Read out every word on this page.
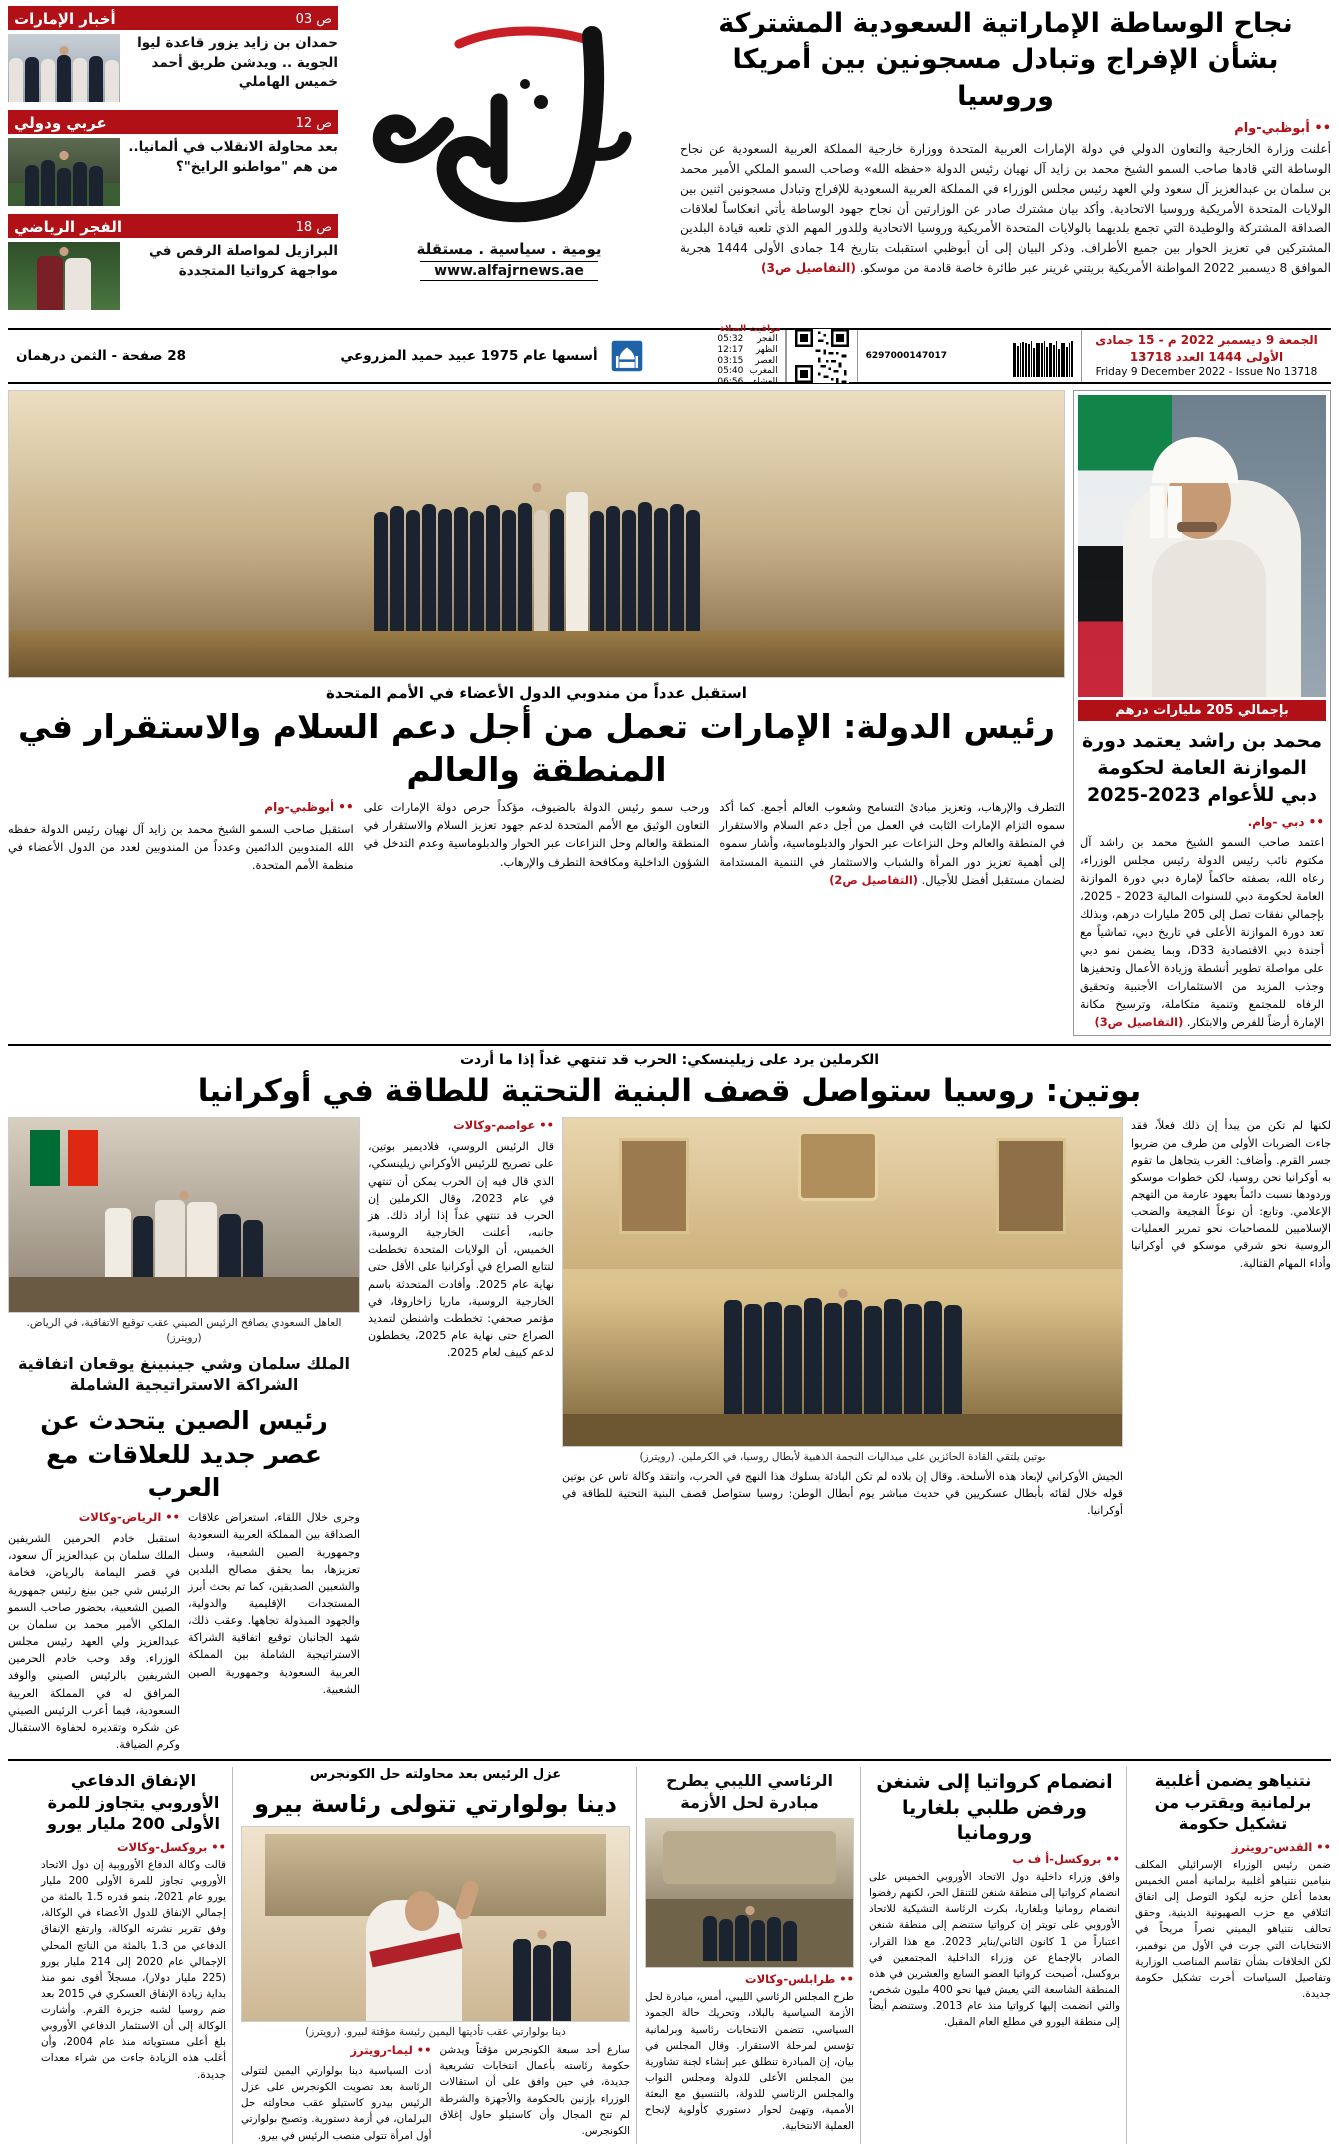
نجاح الوساطة الإماراتية السعودية المشتركة بشأن الإفراج وتبادل مسجونين بين أمريكا وروسيا
•• أبوظبي-وام
أعلنت وزارة الخارجية والتعاون الدولي في دولة الإمارات العربية المتحدة ووزارة خارجية المملكة العربية السعودية عن نجاح الوساطة التي قادها صاحب السمو الشيخ محمد بن زايد آل نهيان رئيس الدولة «حفظه الله» وصاحب السمو الملكي الأمير محمد بن سلمان بن عبدالعزيز آل سعود ولي العهد رئيس مجلس الوزراء في المملكة العربية السعودية للإفراج وتبادل مسجونين اثنين بين الولايات المتحدة الأمريكية وروسيا الاتحادية. وأكد بيان مشترك صادر عن الوزارتين أن نجاح جهود الوساطة يأتي انعكاساً لعلاقات الصداقة المشتركة والوطيدة التي تجمع بلديهما بالولايات المتحدة الأمريكية وروسيا الاتحادية وللدور المهم الذي تلعبه قيادة البلدين المشتركين في تعزيز الحوار بين جميع الأطراف. وذكر البيان إلى أن أبوظبي استقبلت بتاريخ 14 جمادى الأولى 1444 هجرية الموافق 8 ديسمبر 2022 المواطنة الأمريكية بريتني غرينر عبر طائرة خاصة قادمة من موسكو. (التفاصيل ص3)
يومية . سياسية . مستقلة
www.alfajrnews.ae
ص 03
أخبار الإمارات
حمدان بن زايد يزور قاعدة ليوا الجوية .. ويدشن طريق أحمد خميس الهاملي
ص 12
عربي ودولي
بعد محاولة الانقلاب في ألمانيا.. من هم "مواطنو الرايخ"؟
ص 18
الفجر الرياضي
البرازيل لمواصلة الرقص في مواجهة كرواتيا المتجددة
الجمعة 9 ديسمبر 2022 م - 15 جمادى الأولى 1444 العدد 13718
Friday 9 December 2022 - Issue No 13718
6297000147017
مواقيت الصلاة
الفجر	05:32
الظهر	12:17
العصر	03:15
المغرب	05:40
العشاء	06:56
أسسها عام 1975 عبيد حميد المزروعي
28 صفحة - الثمن درهمان
استقبل عدداً من مندوبي الدول الأعضاء في الأمم المتحدة
رئيس الدولة: الإمارات تعمل من أجل دعم السلام والاستقرار في المنطقة والعالم
التطرف والإرهاب، وتعزيز مبادئ التسامح وشعوب العالم أجمع. كما أكد سموه التزام الإمارات الثابت في العمل من أجل دعم السلام والاستقرار في المنطقة والعالم وحل النزاعات عبر الحوار والدبلوماسية، وأشار سموه إلى أهمية تعزيز دور المرأة والشباب والاستثمار في التنمية المستدامة لضمان مستقبل أفضل للأجيال. (التفاصيل ص2)
ورحب سمو رئيس الدولة بالضيوف، مؤكداً حرص دولة الإمارات على التعاون الوثيق مع الأمم المتحدة لدعم جهود تعزيز السلام والاستقرار في المنطقة والعالم وحل النزاعات عبر الحوار والدبلوماسية وعدم التدخل في الشؤون الداخلية ومكافحة التطرف والإرهاب.
•• أبوظبي-وام
استقبل صاحب السمو الشيخ محمد بن زايد آل نهيان رئيس الدولة حفظه الله المندوبين الدائمين وعدداً من المندوبين لعدد من الدول الأعضاء في منظمة الأمم المتحدة.
بإجمالي 205 مليارات درهم
محمد بن راشد يعتمد دورة الموازنة العامة لحكومة دبي للأعوام 2023-2025
•• دبي -وام.
اعتمد صاحب السمو الشيخ محمد بن راشد آل مكتوم نائب رئيس الدولة رئيس مجلس الوزراء، رعاه الله، بصفته حاكماً لإمارة دبي دورة الموازنة العامة لحكومة دبي للسنوات المالية 2023 - 2025، بإجمالي نفقات تصل إلى 205 مليارات درهم، وبذلك تعد دورة الموازنة الأعلى في تاريخ دبي، تماشياً مع أجندة دبي الاقتصادية D33، وبما يضمن نمو دبي على مواصلة تطوير أنشطة وزيادة الأعمال وتحفيزها وجذب المزيد من الاستثمارات الأجنبية وتحقيق الرفاه للمجتمع وتنمية متكاملة، وترسيخ مكانة الإمارة أرضاً للفرص والابتكار. (التفاصيل ص3)
الكرملين يرد على زيلينسكي: الحرب قد تنتهي غداً إذا ما أردت
بوتين: روسيا ستواصل قصف البنية التحتية للطاقة في أوكرانيا
العاهل السعودي يصافح الرئيس الصيني عقب توقيع الاتفاقية، في الرياض. (رويترز)
الملك سلمان وشي جينبينغ يوقعان اتفاقية الشراكة الاستراتيجية الشاملة
رئيس الصين يتحدث عن عصر جديد للعلاقات مع العرب
وجرى خلال اللقاء، استعراض علاقات الصداقة بين المملكة العربية السعودية وجمهورية الصين الشعبية، وسبل تعزيزها، بما يحقق مصالح البلدين والشعبين الصديقين، كما تم بحث أبرز المستجدات الإقليمية والدولية، والجهود المبذولة تجاهها. وعقب ذلك، شهد الجانبان توقيع اتفاقية الشراكة الاستراتيجية الشاملة بين المملكة العربية السعودية وجمهورية الصين الشعبية.
•• الرياض-وكالات
استقبل خادم الحرمين الشريفين الملك سلمان بن عبدالعزيز آل سعود، في قصر اليمامة بالرياض، فخامة الرئيس شي جين بينغ رئيس جمهورية الصين الشعبية، بحضور صاحب السمو الملكي الأمير محمد بن سلمان بن عبدالعزيز ولي العهد رئيس مجلس الوزراء. وقد وحب خادم الحرمين الشريفين بالرئيس الصيني والوفد المرافق له في المملكة العربية السعودية، فيما أعرب الرئيس الصيني عن شكره وتقديره لحفاوة الاستقبال وكرم الضيافة.
لكنها لم تكن من يبدأ إن ذلك فعلاً، فقد جاءت الضربات الأولى من طرف من ضربوا جسر القرم. وأضاف: الغرب يتجاهل ما تقوم به أوكرانيا نحن روسيا، لكن خطوات موسكو وردودها نسبت دائماً بعهود عارمة من التهجم الإعلامي. وتابع: أن نوعاً الفجيعة والضحب الإسلاميين للمصاحبات نحو تمرير العمليات الروسية نحو شرقي موسكو في أوكرانيا وأداء المهام القتالية.
بوتين يلتقي القادة الحائزين على ميداليات النجمة الذهبية لأبطال روسيا، في الكرملين. (رويترز)
الجيش الأوكراني لإبعاد هذه الأسلحة. وقال إن بلاده لم تكن البادئة بسلوك هذا النهج في الحرب، وانتقد وكالة تاس عن بوتين قوله خلال لقائه بأبطال عسكريين في حديث مباشر يوم أبطال الوطن: روسيا ستواصل قصف البنية التحتية للطاقة في أوكرانيا.
•• عواصم-وكالات
قال الرئيس الروسي، فلاديمير بوتين، على تصريح للرئيس الأوكراني زيلينسكي، الذي قال فيه إن الحرب يمكن أن تنتهي في عام 2023، وقال الكرملين إن الحرب قد تنتهي غداً إذا أراد ذلك. هز جانبه، أعلنت الخارجية الروسية، الخميس، أن الولايات المتحدة تخططت لتتابع الصراع في أوكرانيا على الأقل حتى نهاية عام 2025. وأفادت المتحدثة باسم الخارجية الروسية، ماريا زاخاروفا، في مؤتمر صحفي: تخططت واشنطن لتمديد الصراع حتى نهاية عام 2025، يخططون لدعم كييف لعام 2025.
الإنفاق الدفاعي الأوروبي يتجاوز للمرة الأولى 200 مليار يورو
•• بروكسل-وكالات
قالت وكالة الدفاع الأوروبية إن دول الاتحاد الأوروبي تجاوز للمرة الأولى 200 مليار يورو عام 2021، بنمو قدره 1.5 بالمئة من إجمالي الإنفاق للدول الأعضاء في الوكالة، وفق تقرير نشرته الوكالة، وارتفع الإنفاق الدفاعي من 1.3 بالمئة من الناتج المحلي الإجمالي عام 2020 إلى 214 مليار يورو (225 مليار دولار)، مسجلاً أقوى نمو منذ بداية زيادة الإنفاق العسكري في 2015 بعد ضم روسيا لشبه جزيرة القرم. وأشارت الوكالة إلى أن الاستثمار الدفاعي الأوروبي بلغ أعلى مستوياته منذ عام 2004، وأن أغلب هذه الزيادة جاءت من شراء معدات جديدة.
عزل الرئيس بعد محاولته حل الكونجرس
دينا بولوارتي تتولى رئاسة بيرو
دينا بولوارتي عقب تأديتها اليمين رئيسة مؤقتة لبيرو. (رويترز)
سارع أحد سبعة الكونجرس مؤقتاً ويدشن حكومة رئاسته بأعمال انتخابات تشريعية جديدة، في حين وافق على أن استقالات الوزراء بإزنين بالحكومة والأجهزة والشرطة لم تتح المجال وأن كاستيلو حاول إغلاق الكونجرس.
•• ليما-رويترز
أدت السياسية دينا بولوارتي اليمين لتتولى الرئاسة بعد تصويت الكونجرس على عزل الرئيس بيدرو كاستيلو عقب محاولته حل البرلمان، في أزمة دستورية. وتصبح بولوارتي أول امرأة تتولى منصب الرئيس في بيرو.
الرئاسي الليبي يطرح مبادرة لحل الأزمة
•• طرابلس-وكالات
طرح المجلس الرئاسي الليبي، أمس، مبادرة لحل الأزمة السياسية بالبلاد، وتحريك حالة الجمود السياسي، تتضمن الانتخابات رئاسية وبرلمانية تؤسس لمرحلة الاستقرار. وقال المجلس في بيان، إن المبادرة تنطلق عبر إنشاء لجنة تشاورية بين المجلس الأعلى للدولة ومجلس النواب والمجلس الرئاسي للدولة، بالتنسيق مع البعثة الأممية، وتهيئ لحوار دستوري كأولوية لإنجاح العملية الانتخابية.
انضمام كرواتيا إلى شنغن ورفض طلبي بلغاريا ورومانيا
•• بروكسل-أ ف ب
وافق وزراء داخلية دول الاتحاد الأوروبي الخميس على انضمام كرواتيا إلى منطقة شنغن للتنقل الحر، لكنهم رفضوا انضمام رومانيا وبلغاريا، بكرت الرئاسة التشيكية للاتحاد الأوروبي على تويتر إن كرواتيا ستنضم إلى منطقة شنغن اعتباراً من 1 كانون الثاني/يناير 2023. مع هذا القرار، الصادر بالإجماع عن وزراء الداخلية المجتمعين في بروكسل، أصبحت كرواتيا العضو السابع والعشرين في هذه المنطقة الشاسعة التي يعيش فيها نحو 400 مليون شخص، والتي انضمت إليها كرواتيا منذ عام 2013. وستنضم أيضاً إلى منطقة اليورو في مطلع العام المقبل.
نتنياهو يضمن أغلبية برلمانية ويقترب من تشكيل حكومة
•• القدس-رويترز
ضمن رئيس الوزراء الإسرائيلي المكلف بنيامين نتنياهو أغلبية برلمانية أمس الخميس بعدما أعلن حزبه ليكود التوصل إلى اتفاق ائتلافي مع حزب الصهيونية الدينية. وحقق تحالف نتنياهو اليميني نصراً مريحاً في الانتخابات التي جرت في الأول من نوفمبر، لكن الخلافات بشأن تقاسم المناصب الوزارية وتفاصيل السياسات أخرت تشكيل حكومة جديدة.
